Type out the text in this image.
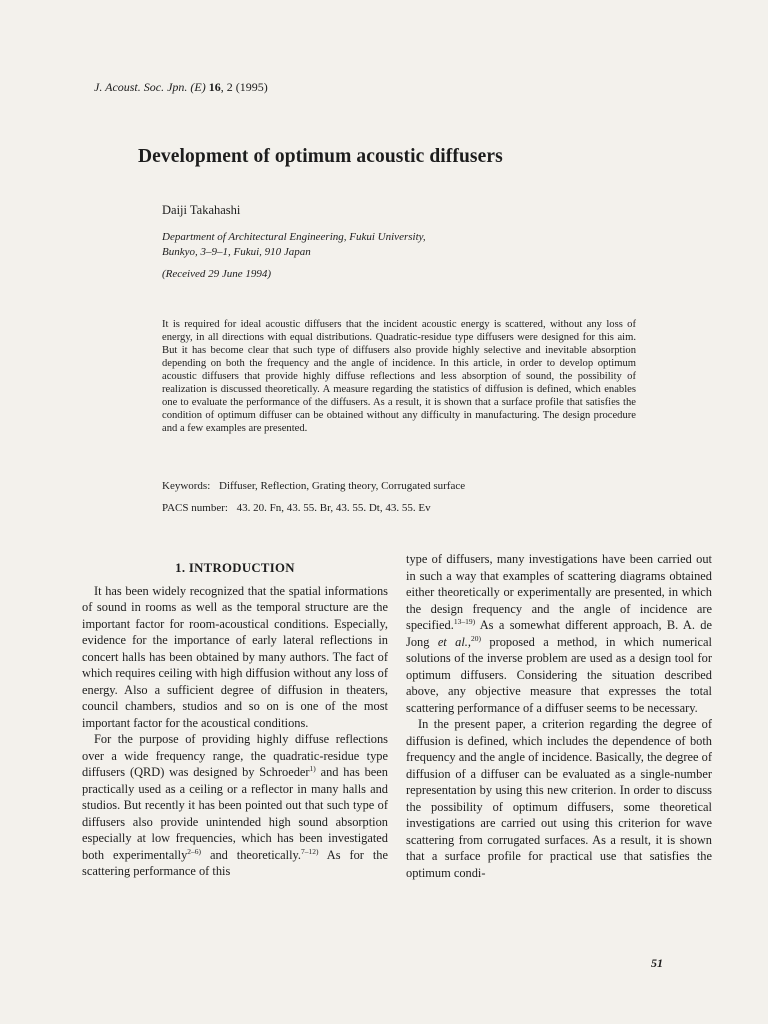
J. Acoust. Soc. Jpn. (E) 16, 2 (1995)
Development of optimum acoustic diffusers
Daiji Takahashi
Department of Architectural Engineering, Fukui University,
Bunkyo, 3–9–1, Fukui, 910 Japan
(Received 29 June 1994)
It is required for ideal acoustic diffusers that the incident acoustic energy is scattered, without any loss of energy, in all directions with equal distributions. Quadratic-residue type diffusers were designed for this aim. But it has become clear that such type of diffusers also provide highly selective and inevitable absorption depending on both the frequency and the angle of incidence. In this article, in order to develop optimum acoustic diffusers that provide highly diffuse reflections and less absorption of sound, the possibility of realization is discussed theoretically. A measure regarding the statistics of diffusion is defined, which enables one to evaluate the performance of the diffusers. As a result, it is shown that a surface profile that satisfies the condition of optimum diffuser can be obtained without any difficulty in manufacturing. The design procedure and a few examples are presented.
Keywords: Diffuser, Reflection, Grating theory, Corrugated surface
PACS number: 43. 20. Fn, 43. 55. Br, 43. 55. Dt, 43. 55. Ev
1. INTRODUCTION

It has been widely recognized that the spatial informations of sound in rooms as well as the temporal structure are the important factor for room-acoustical conditions. Especially, evidence for the importance of early lateral reflections in concert halls has been obtained by many authors. The fact of which requires ceiling with high diffusion without any loss of energy. Also a sufficient degree of diffusion in theaters, council chambers, studios and so on is one of the most important factor for the acoustical conditions.

For the purpose of providing highly diffuse reflections over a wide frequency range, the quadratic-residue type diffusers (QRD) was designed by Schroeder$^{1)}$ and has been practically used as a ceiling or a reflector in many halls and studios. But recently it has been pointed out that such type of diffusers also provide unintended high sound absorption especially at low frequencies, which has been investigated both experimentally$^{2-6)}$ and theoretically.$^{7-12)}$ As for the scattering performance of this

type of diffusers, many investigations have been carried out in such a way that examples of scattering diagrams obtained either theoretically or experimentally are presented, in which the design frequency and the angle of incidence are specified.$^{13-19)}$ As a somewhat different approach, B. A. de Jong et al.,$^{20)}$ proposed a method, in which numerical solutions of the inverse problem are used as a design tool for optimum diffusers. Considering the situation described above, any objective measure that expresses the total scattering performance of a diffuser seems to be necessary.

In the present paper, a criterion regarding the degree of diffusion is defined, which includes the dependence of both frequency and the angle of incidence. Basically, the degree of diffusion of a diffuser can be evaluated as a single-number representation by using this new criterion. In order to discuss the possibility of optimum diffusers, some theoretical investigations are carried out using this criterion for wave scattering from corrugated surfaces. As a result, it is shown that a surface profile for practical use that satisfies the optimum condi-

51
